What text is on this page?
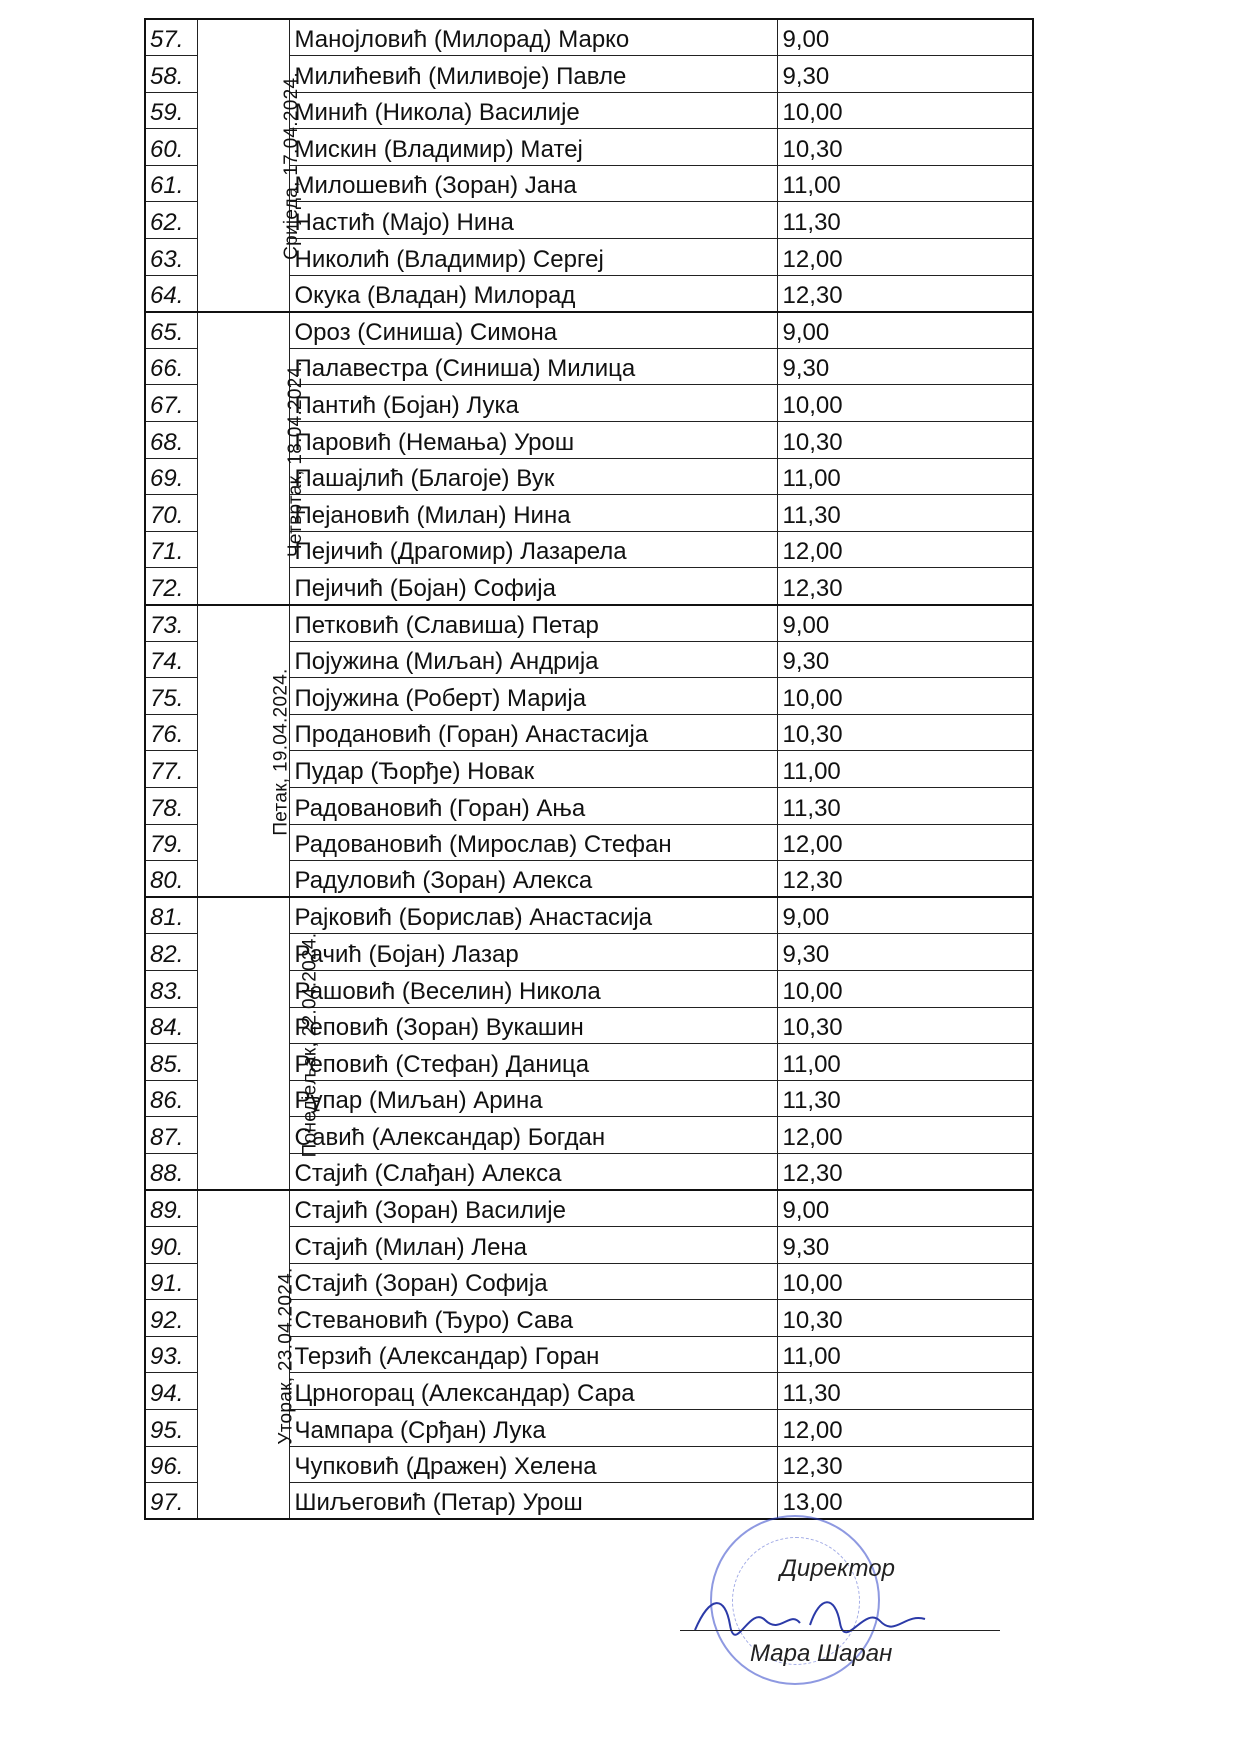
57.	Сриједа, 17.04.2024.	Манојловић (Милорад) Марко	9,00
58.		Милићевић (Миливоје) Павле	9,30
59.		Минић (Никола) Василије	10,00
60.		Мискин (Владимир) Матеј	10,30
61.		Милошевић (Зоран) Јана	11,00
62.		Настић (Мајо) Нина	11,30
63.		Николић (Владимир) Сергеј	12,00
64.		Окука (Владан) Милорад	12,30
65.	Четвртак, 18.04.2024.	Ороз (Синиша) Симона	9,00
66.		Палавестра (Синиша) Милица	9,30
67.		Пантић (Бојан) Лука	10,00
68.		Паровић (Немања) Урош	10,30
69.		Пашајлић (Благоје) Вук	11,00
70.		Пејановић (Милан) Нина	11,30
71.		Пејичић (Драгомир) Лазарела	12,00
72.		Пејичић (Бојан) Софија	12,30
73.	Петак, 19.04.2024.	Петковић (Славиша) Петар	9,00
74.		Појужина (Миљан) Андрија	9,30
75.		Појужина (Роберт) Марија	10,00
76.		Продановић (Горан) Анастасија	10,30
77.		Пудар (Ђорђе) Новак	11,00
78.		Радовановић (Горан) Ања	11,30
79.		Радовановић (Мирослав) Стефан	12,00
80.		Радуловић (Зоран) Алекса	12,30
81.	Понедјељак, 22.04.2024.	Рајковић (Борислав) Анастасија	9,00
82.		Рачић (Бојан) Лазар	9,30
83.		Рашовић (Веселин) Никола	10,00
84.		Реповић (Зоран) Вукашин	10,30
85.		Реповић (Стефан) Даница	11,00
86.		Рупар (Миљан) Арина	11,30
87.		Савић (Александар) Богдан	12,00
88.		Стајић (Слађан) Алекса	12,30
89.	Уторак, 23.04.2024.	Стајић (Зоран) Василије	9,00
90.		Стајић (Милан) Лена	9,30
91.		Стајић (Зоран) Софија	10,00
92.		Стевановић (Ђуро) Сава	10,30
93.		Терзић (Александар) Горан	11,00
94.		Црногорац (Александар) Сара	11,30
95.		Чампара (Срђан) Лука	12,00
96.		Чупковић (Дражен) Хелена	12,30
97.		Шиљеговић (Петар) Урош	13,00
Директор
Мара Шаран
